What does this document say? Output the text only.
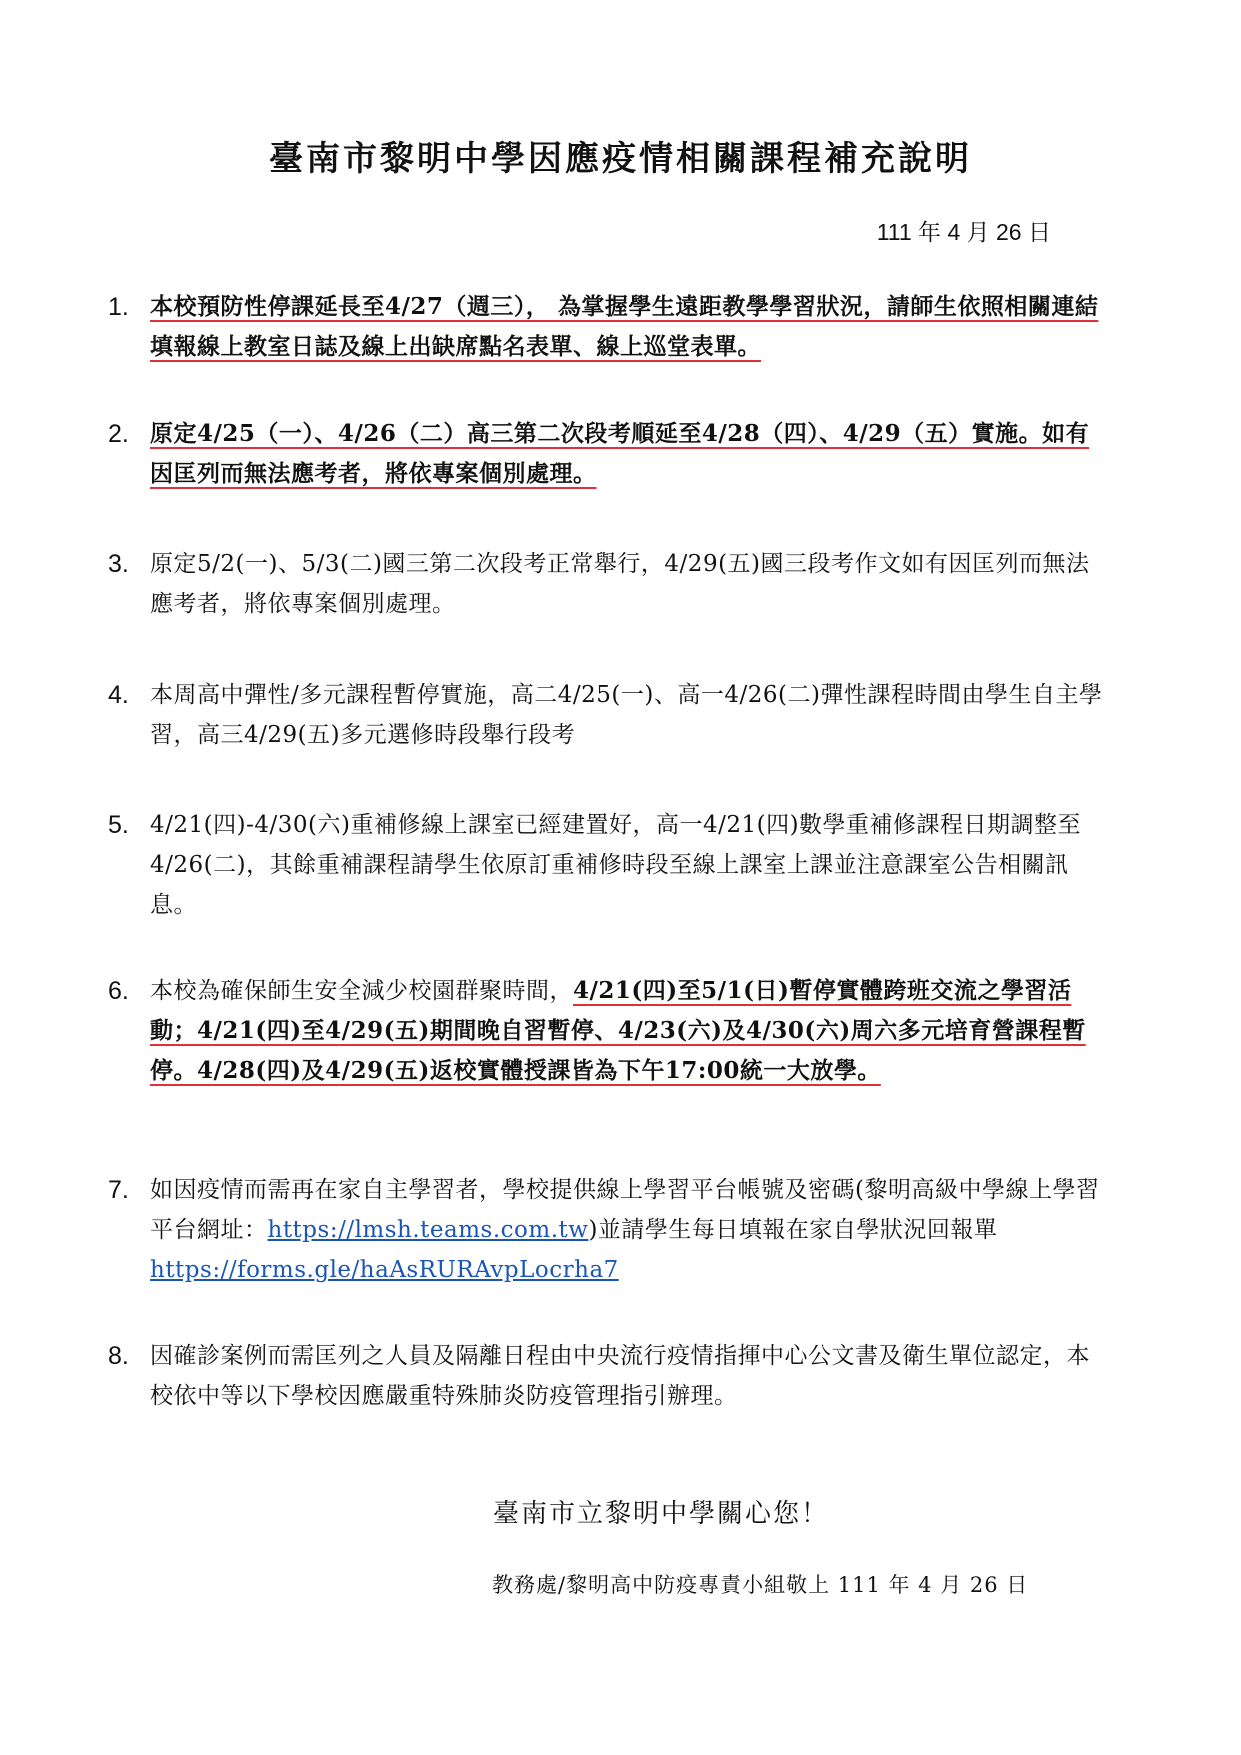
臺南市黎明中學因應疫情相關課程補充說明
111 年 4 月 26 日
1. 本校預防性停課延長至4/27（週三）， 為掌握學生遠距教學學習狀況，請師生依照相關連結填報線上教室日誌及線上出缺席點名表單、線上巡堂表單。
2. 原定4/25（一）、4/26（二）高三第二次段考順延至4/28（四）、4/29（五）實施。如有因匡列而無法應考者，將依專案個別處理。
3. 原定5/2(一)、5/3(二)國三第二次段考正常舉行，4/29(五)國三段考作文如有因匡列而無法應考者，將依專案個別處理。
4. 本周高中彈性/多元課程暫停實施，高二4/25(一)、高一4/26(二)彈性課程時間由學生自主學習，高三4/29(五)多元選修時段舉行段考
5. 4/21(四)-4/30(六)重補修線上課室已經建置好，高一4/21(四)數學重補修課程日期調整至4/26(二)，其餘重補課程請學生依原訂重補修時段至線上課室上課並注意課室公告相關訊息。
6. 本校為確保師生安全減少校園群聚時間，4/21(四)至5/1(日)暫停實體跨班交流之學習活動；4/21(四)至4/29(五)期間晚自習暫停、4/23(六)及4/30(六)周六多元培育營課程暫停。4/28(四)及4/29(五)返校實體授課皆為下午17:00統一大放學。
7. 如因疫情而需再在家自主學習者，學校提供線上學習平台帳號及密碼(黎明高級中學線上學習平台網址：https://lmsh.teams.com.tw)並請學生每日填報在家自學狀況回報單https://forms.gle/haAsRURAvpLocrha7
8. 因確診案例而需匡列之人員及隔離日程由中央流行疫情指揮中心公文書及衛生單位認定，本校依中等以下學校因應嚴重特殊肺炎防疫管理指引辦理。
臺南市立黎明中學關心您！
教務處/黎明高中防疫專責小組敬上 111 年 4 月 26 日
